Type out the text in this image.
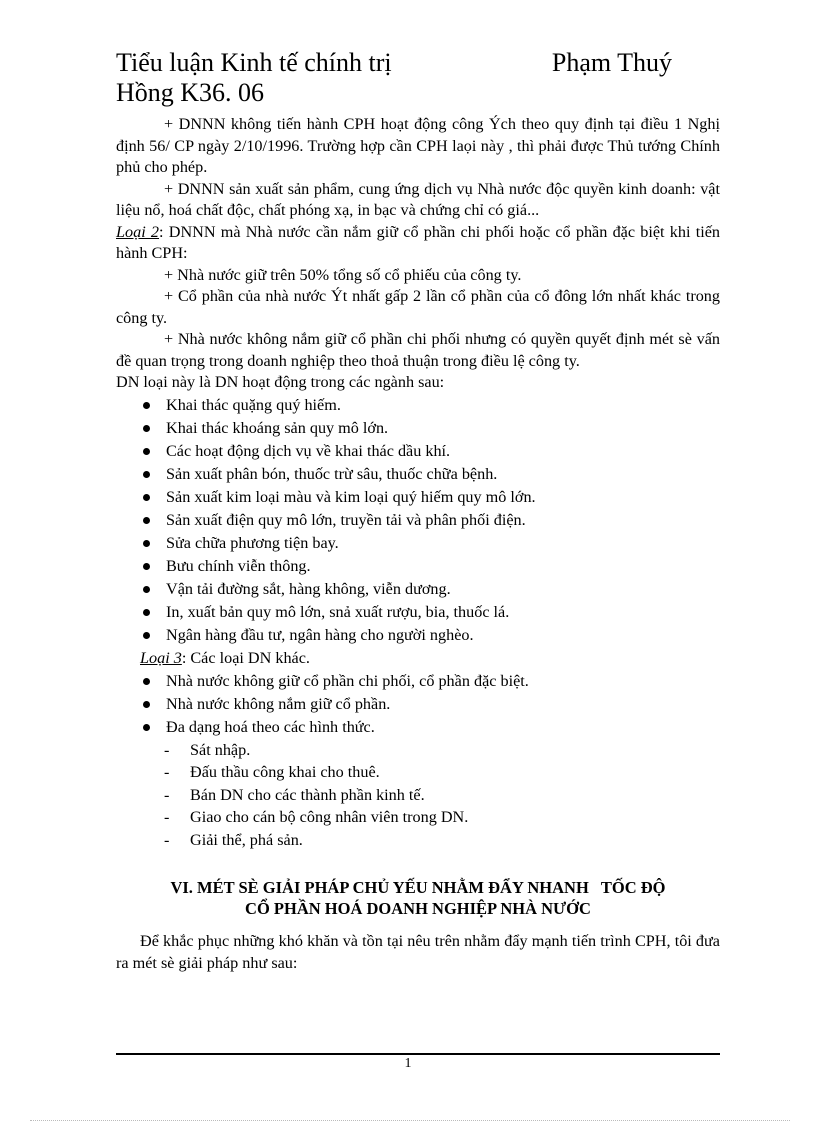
Tiểu luận Kinh tế chính trị	Phạm Thuý
Hồng K36. 06

+ DNNN không tiến hành CPH hoạt động công Ých theo quy định tại điều 1 Nghị định 56/ CP ngày 2/10/1996. Trường hợp cần CPH laọi này , thì phải được Thủ tướng Chính phủ cho phép.

+ DNNN sản xuất sản phẩm, cung ứng dịch vụ Nhà nước độc quyền kinh doanh: vật liệu nổ, hoá chất độc, chất phóng xạ, in bạc và chứng chỉ có giá...

Loại 2: DNNN mà Nhà nước cần nắm giữ cổ phần chi phối hoặc cổ phần đặc biệt khi tiến hành CPH:

+ Nhà nước giữ trên 50% tổng số cổ phiếu của công ty.

+ Cổ phần của nhà nước Ýt nhất gấp 2 lần cổ phần của cổ đông lớn nhất khác trong công ty.

+ Nhà nước không nắm giữ cổ phần chi phối nhưng có quyền quyết định mét sè vấn đề quan trọng trong doanh nghiệp theo thoả thuận trong điều lệ công ty.

DN loại này là DN hoạt động trong các ngành sau:

Khai thác quặng quý hiếm.
Khai thác khoáng sản quy mô lớn.
Các hoạt động dịch vụ về khai thác dầu khí.
Sản xuất phân bón, thuốc trừ sâu, thuốc chữa bệnh.
Sản xuất kim loại màu và kim loại quý hiếm quy mô lớn.
Sản xuất điện quy mô lớn, truyền tải và phân phối điện.
Sửa chữa phương tiện bay.
Bưu chính viễn thông.
Vận tải đường sắt, hàng không, viễn dương.
In, xuất bản quy mô lớn, snả xuất rượu, bia, thuốc lá.
Ngân hàng đầu tư, ngân hàng cho người nghèo.
Loại 3: Các loại DN khác.
Nhà nước không giữ cổ phần chi phối, cổ phần đặc biệt.
Nhà nước không nắm giữ cổ phần.
Đa dạng hoá theo các hình thức.
- Sát nhập.
- Đấu thầu công khai cho thuê.
- Bán DN cho các thành phần kinh tế.
- Giao cho cán bộ công nhân viên trong DN.
- Giải thể, phá sản.
VI. MÉT SÈ GIẢI PHÁP CHỦ YẾU NHẰM ĐẨY NHANH   TỐC ĐỘ
CỔ PHẦN HOÁ DOANH NGHIỆP NHÀ NƯỚC

Để khắc phục những khó khăn và tồn tại nêu trên nhằm đẩy mạnh tiến trình CPH, tôi đưa ra mét sè giải pháp như sau:

1
